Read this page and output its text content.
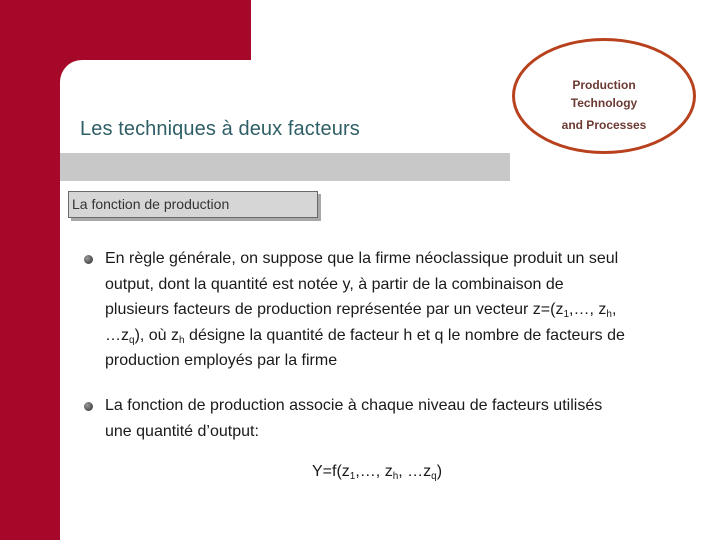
Les techniques à deux facteurs
Production
Technology
and Processes
La fonction de production
En règle générale, on suppose que la firme néoclassique produit un seul
output, dont la quantité est notée y, à partir de la combinaison de
plusieurs facteurs de production représentée par un vecteur $z=(z_1,\dots$, $z_h$,
$\dots z_q$), où $z_h$ désigne la quantité de facteur h et q le nombre de facteurs de
production employés par la firme
La fonction de production associe à chaque niveau de facteurs utilisés
une quantité d’output:
$Y=f(z_1,\dots$, $z_h$, $\dots z_q$)
